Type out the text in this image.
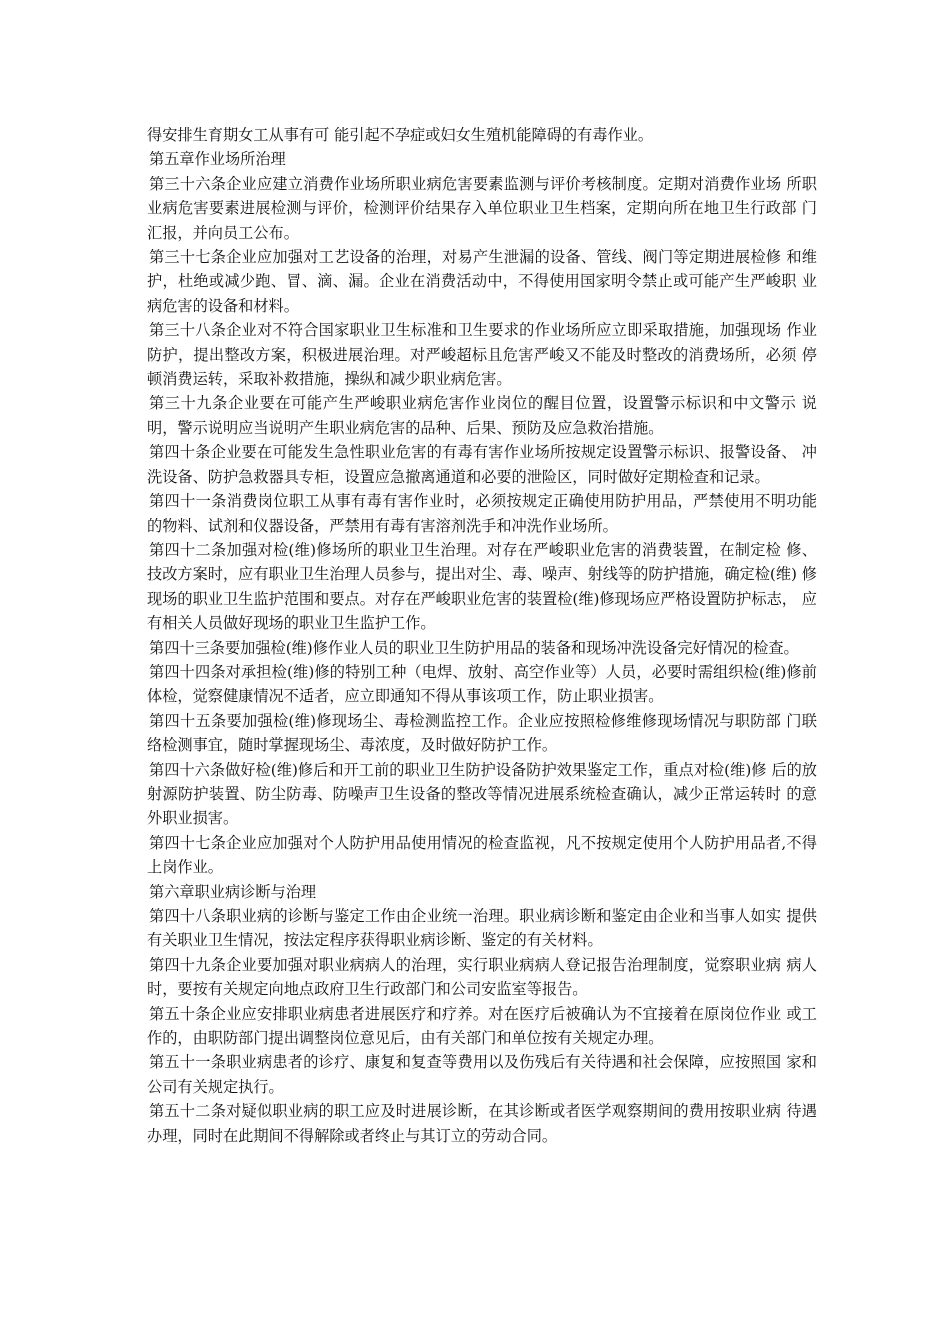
得安排生育期女工从事有可 能引起不孕症或妇女生殖机能障碍的有毒作业。

第五章作业场所治理

第三十六条企业应建立消费作业场所职业病危害要素监测与评价考核制度。定期对消费作业场 所职业病危害要素进展检测与评价，检测评价结果存入单位职业卫生档案，定期向所在地卫生行政部 门汇报，并向员工公布。

第三十七条企业应加强对工艺设备的治理，对易产生泄漏的设备、管线、阀门等定期进展检修 和维护，杜绝或减少跑、冒、滴、漏。企业在消费活动中，不得使用国家明令禁止或可能产生严峻职 业病危害的设备和材料。

第三十八条企业对不符合国家职业卫生标准和卫生要求的作业场所应立即采取措施，加强现场 作业防护，提出整改方案，积极进展治理。对严峻超标且危害严峻又不能及时整改的消费场所，必须 停顿消费运转，采取补救措施，操纵和减少职业病危害。

第三十九条企业要在可能产生严峻职业病危害作业岗位的醒目位置，设置警示标识和中文警示 说明，警示说明应当说明产生职业病危害的品种、后果、预防及应急救治措施。

第四十条企业要在可能发生急性职业危害的有毒有害作业场所按规定设置警示标识、报警设备、 冲洗设备、防护急救器具专柜，设置应急撤离通道和必要的泄险区，同时做好定期检查和记录。

第四十一条消费岗位职工从事有毒有害作业时，必须按规定正确使用防护用品，严禁使用不明功能的物料、试剂和仪器设备，严禁用有毒有害溶剂洗手和冲洗作业场所。

第四十二条加强对检(维)修场所的职业卫生治理。对存在严峻职业危害的消费装置，在制定检 修、技改方案时，应有职业卫生治理人员参与，提出对尘、毒、噪声、射线等的防护措施，确定检(维) 修现场的职业卫生监护范围和要点。对存在严峻职业危害的装置检(维)修现场应严格设置防护标志， 应有相关人员做好现场的职业卫生监护工作。

第四十三条要加强检(维)修作业人员的职业卫生防护用品的装备和现场冲洗设备完好情况的检查。

第四十四条对承担检(维)修的特别工种（电焊、放射、高空作业等）人员，必要时需组织检(维)修前体检，觉察健康情况不适者，应立即通知不得从事该项工作，防止职业损害。

第四十五条要加强检(维)修现场尘、毒检测监控工作。企业应按照检修维修现场情况与职防部 门联络检测事宜，随时掌握现场尘、毒浓度，及时做好防护工作。

第四十六条做好检(维)修后和开工前的职业卫生防护设备防护效果鉴定工作，重点对检(维)修 后的放射源防护装置、防尘防毒、防噪声卫生设备的整改等情况进展系统检查确认，减少正常运转时 的意外职业损害。

第四十七条企业应加强对个人防护用品使用情况的检查监视，凡不按规定使用个人防护用品者,不得上岗作业。

第六章职业病诊断与治理

第四十八条职业病的诊断与鉴定工作由企业统一治理。职业病诊断和鉴定由企业和当事人如实 提供有关职业卫生情况，按法定程序获得职业病诊断、鉴定的有关材料。

第四十九条企业要加强对职业病病人的治理，实行职业病病人登记报告治理制度，觉察职业病 病人时，要按有关规定向地点政府卫生行政部门和公司安监室等报告。

第五十条企业应安排职业病患者进展医疗和疗养。对在医疗后被确认为不宜接着在原岗位作业 或工作的，由职防部门提出调整岗位意见后，由有关部门和单位按有关规定办理。

第五十一条职业病患者的诊疗、康复和复查等费用以及伤残后有关待遇和社会保障，应按照国 家和公司有关规定执行。

第五十二条对疑似职业病的职工应及时进展诊断，在其诊断或者医学观察期间的费用按职业病 待遇办理，同时在此期间不得解除或者终止与其订立的劳动合同。
